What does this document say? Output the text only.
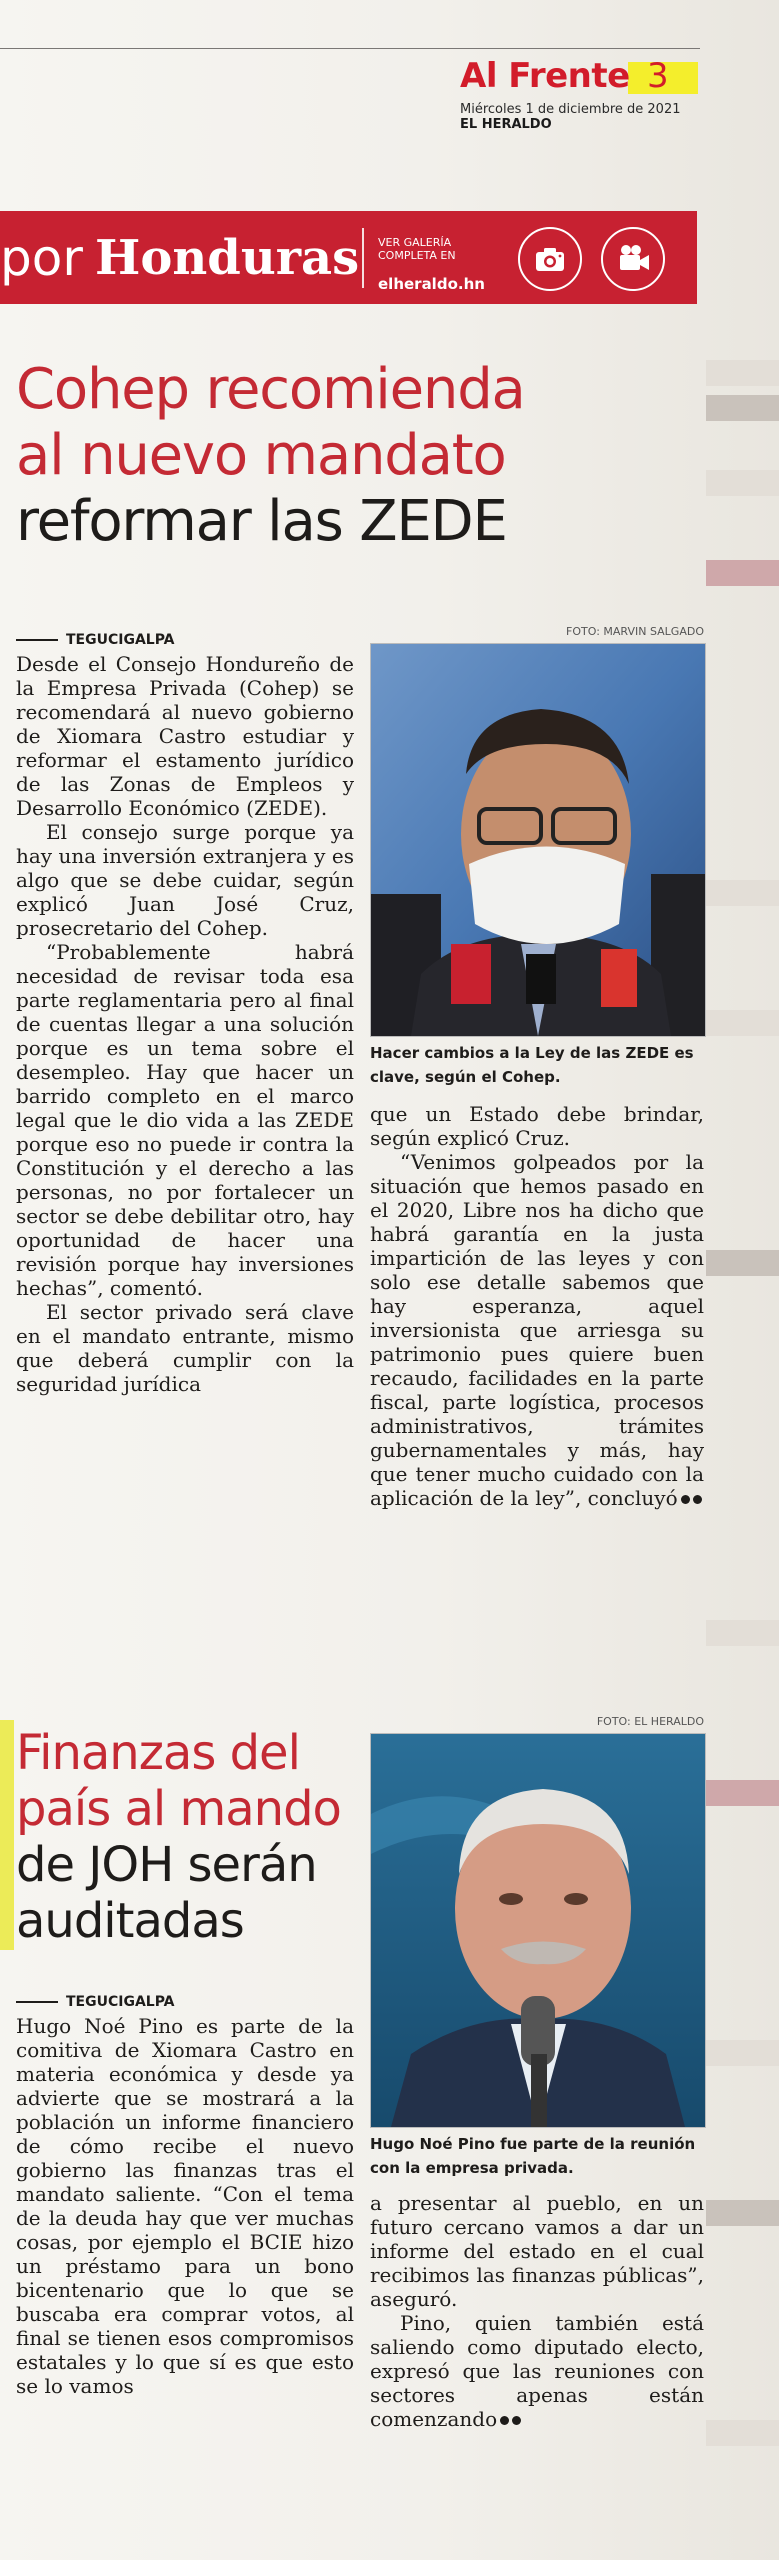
Al Frente 3
Miércoles 1 de diciembre de 2021
EL HERALDO
por Honduras VER GALERÍA
COMPLETA EN
elheraldo.hn
Cohep recomienda
al nuevo mandato
reformar las ZEDE
FOTO: MARVIN SALGADO
Hacer cambios a la Ley de las ZEDE es clave, según el Cohep.
TEGUCIGALPA

Desde el Consejo Hondureño de la Empresa Privada (Cohep) se recomendará al nuevo gobierno de Xiomara Castro estudiar y reformar el estamento jurídico de las Zonas de Empleos y Desarrollo Económico (ZEDE).

El consejo surge porque ya hay una inversión extranjera y es algo que se debe cuidar, según explicó Juan José Cruz, prosecretario del Cohep.

“Probablemente habrá necesidad de revisar toda esa parte reglamentaria pero al final de cuentas llegar a una solución porque es un tema sobre el desempleo. Hay que hacer un barrido completo en el marco legal que le dio vida a las ZEDE porque eso no puede ir contra la Constitución y el derecho a las personas, no por fortalecer un sector se debe debilitar otro, hay oportunidad de hacer una revisión porque hay inversiones hechas”, comentó.

El sector privado será clave en el mandato entrante, mismo que deberá cumplir con la seguridad jurídica

que un Estado debe brindar, según explicó Cruz.

“Venimos golpeados por la situación que hemos pasado en el 2020, Libre nos ha dicho que habrá garantía en la justa impartición de las leyes y con solo ese detalle sabemos que hay esperanza, aquel inversionista que arriesga su patrimonio pues quiere buen recaudo, facilidades en la parte fiscal, parte logística, procesos administrativos, trámites gubernamentales y más, hay que tener mucho cuidado con la aplicación de la ley”, concluyó

Finanzas del
país al mando
de JOH serán
auditadas
FOTO: EL HERALDO
Hugo Noé Pino fue parte de la reunión con la empresa privada.
TEGUCIGALPA

Hugo Noé Pino es parte de la comitiva de Xiomara Castro en materia económica y desde ya advierte que se mostrará a la población un informe financiero de cómo recibe el nuevo gobierno las finanzas tras el mandato saliente. “Con el tema de la deuda hay que ver muchas cosas, por ejemplo el BCIE hizo un préstamo para un bono bicentenario que lo que se buscaba era comprar votos, al final se tienen esos compromisos estatales y lo que sí es que esto se lo vamos

a presentar al pueblo, en un futuro cercano vamos a dar un informe del estado en el cual recibimos las finanzas públicas”, aseguró.

Pino, quien también está saliendo como diputado electo, expresó que las reuniones con sectores apenas están comenzando
